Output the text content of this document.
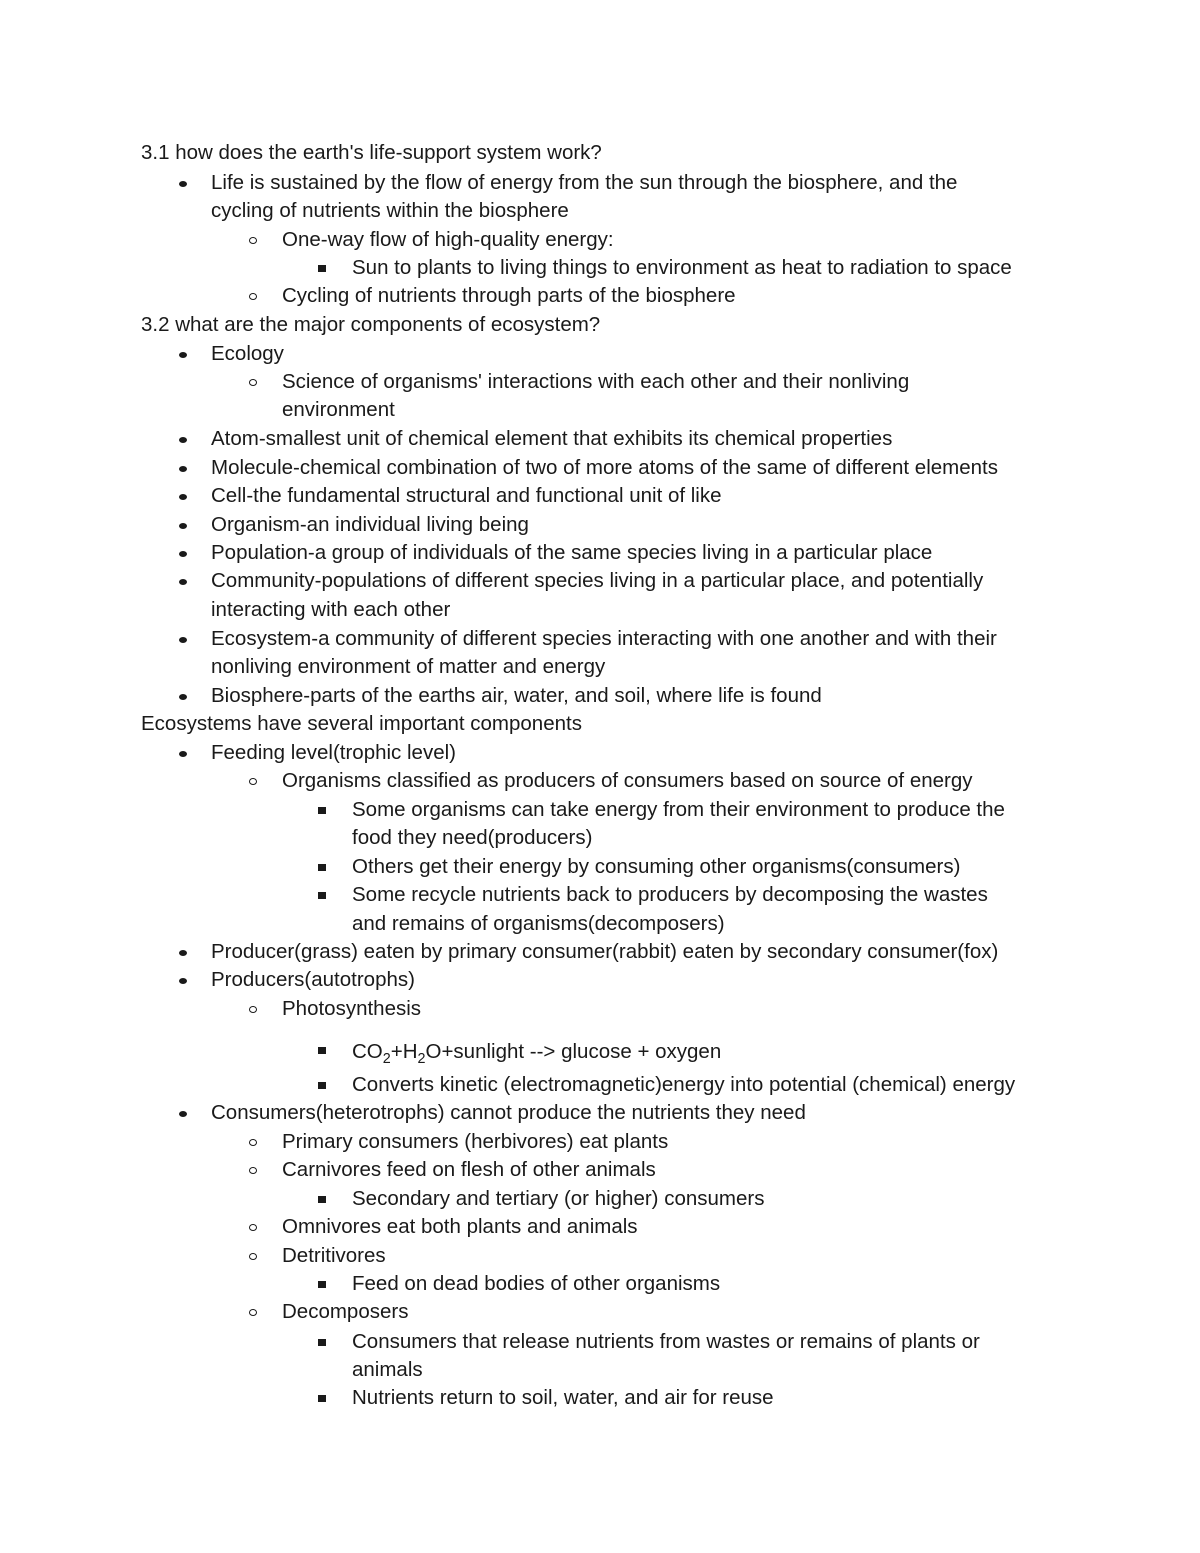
3.1 how does the earth's life-support system work?
Life is sustained by the flow of energy from the sun through the biosphere, and the
cycling of nutrients within the biosphere
One-way flow of high-quality energy:
Sun to plants to living things to environment as heat to radiation to space
Cycling of nutrients through parts of the biosphere
3.2 what are the major components of ecosystem?
Ecology
Science of organisms' interactions with each other and their nonliving
environment
Atom-smallest unit of chemical element that exhibits its chemical properties
Molecule-chemical combination of two of more atoms of the same of different elements
Cell-the fundamental structural and functional unit of like
Organism-an individual living being
Population-a group of individuals of the same species living in a particular place
Community-populations of different species living in a particular place, and potentially
interacting with each other
Ecosystem-a community of different species interacting with one another and with their
nonliving environment of matter and energy
Biosphere-parts of the earths air, water, and soil, where life is found
Ecosystems have several important components
Feeding level(trophic level)
Organisms classified as producers of consumers based on source of energy
Some organisms can take energy from their environment to produce the
food they need(producers)
Others get their energy by consuming other organisms(consumers)
Some recycle nutrients back to producers by decomposing the wastes
and remains of organisms(decomposers)
Producer(grass) eaten by primary consumer(rabbit) eaten by secondary consumer(fox)
Producers(autotrophs)
Photosynthesis
$CO_2+H_2O+sunlight$ --> glucose + oxygen
Converts kinetic (electromagnetic)energy into potential (chemical) energy
Consumers(heterotrophs) cannot produce the nutrients they need
Primary consumers (herbivores) eat plants
Carnivores feed on flesh of other animals
Secondary and tertiary (or higher) consumers
Omnivores eat both plants and animals
Detritivores
Feed on dead bodies of other organisms
Decomposers
Consumers that release nutrients from wastes or remains of plants or
animals
Nutrients return to soil, water, and air for reuse
